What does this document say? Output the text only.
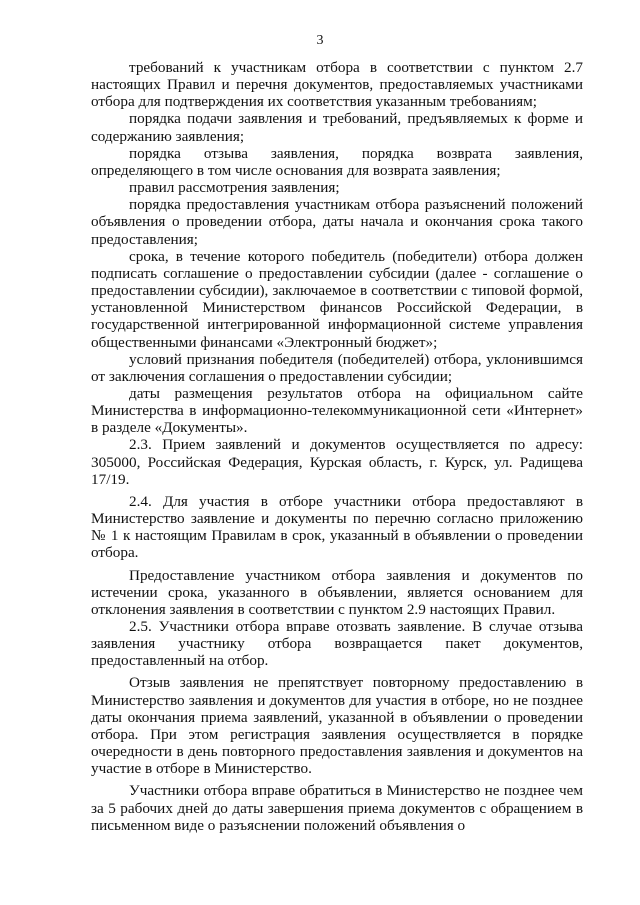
3

требований к участникам отбора в соответствии с пунктом 2.7 настоящих Правил и перечня документов, предоставляемых участниками отбора для подтверждения их соответствия указанным требованиям;

порядка подачи заявления и требований, предъявляемых к форме и содержанию заявления;

порядка отзыва заявления, порядка возврата заявления, определяющего в том числе основания для возврата заявления;

правил рассмотрения заявления;

порядка предоставления участникам отбора разъяснений положений объявления о проведении отбора, даты начала и окончания срока такого предоставления;

срока, в течение которого победитель (победители) отбора должен подписать соглашение о предоставлении субсидии (далее - соглашение о предоставлении субсидии), заключаемое в соответствии с типовой формой, установленной Министерством финансов Российской Федерации, в государственной интегрированной информационной системе управления общественными финансами «Электронный бюджет»;

условий признания победителя (победителей) отбора, уклонившимся от заключения соглашения о предоставлении субсидии;

даты размещения результатов отбора на официальном сайте Министерства в информационно-телекоммуникационной сети «Интернет» в разделе «Документы».

2.3. Прием заявлений и документов осуществляется по адресу: 305000, Российская Федерация, Курская область, г. Курск, ул. Радищева 17/19.

2.4. Для участия в отборе участники отбора предоставляют в Министерство заявление и документы по перечню согласно приложению № 1 к настоящим Правилам в срок, указанный в объявлении о проведении отбора.

Предоставление участником отбора заявления и документов по истечении срока, указанного в объявлении, является основанием для отклонения заявления в соответствии с пунктом 2.9 настоящих Правил.

2.5. Участники отбора вправе отозвать заявление. В случае отзыва заявления участнику отбора возвращается пакет документов, предоставленный на отбор.

Отзыв заявления не препятствует повторному предоставлению в Министерство заявления и документов для участия в отборе, но не позднее даты окончания приема заявлений, указанной в объявлении о проведении отбора. При этом регистрация заявления осуществляется в порядке очередности в день повторного предоставления заявления и документов на участие в отборе в Министерство.

Участники отбора вправе обратиться в Министерство не позднее чем за 5 рабочих дней до даты завершения приема документов с обращением в письменном виде о разъяснении положений объявления о
